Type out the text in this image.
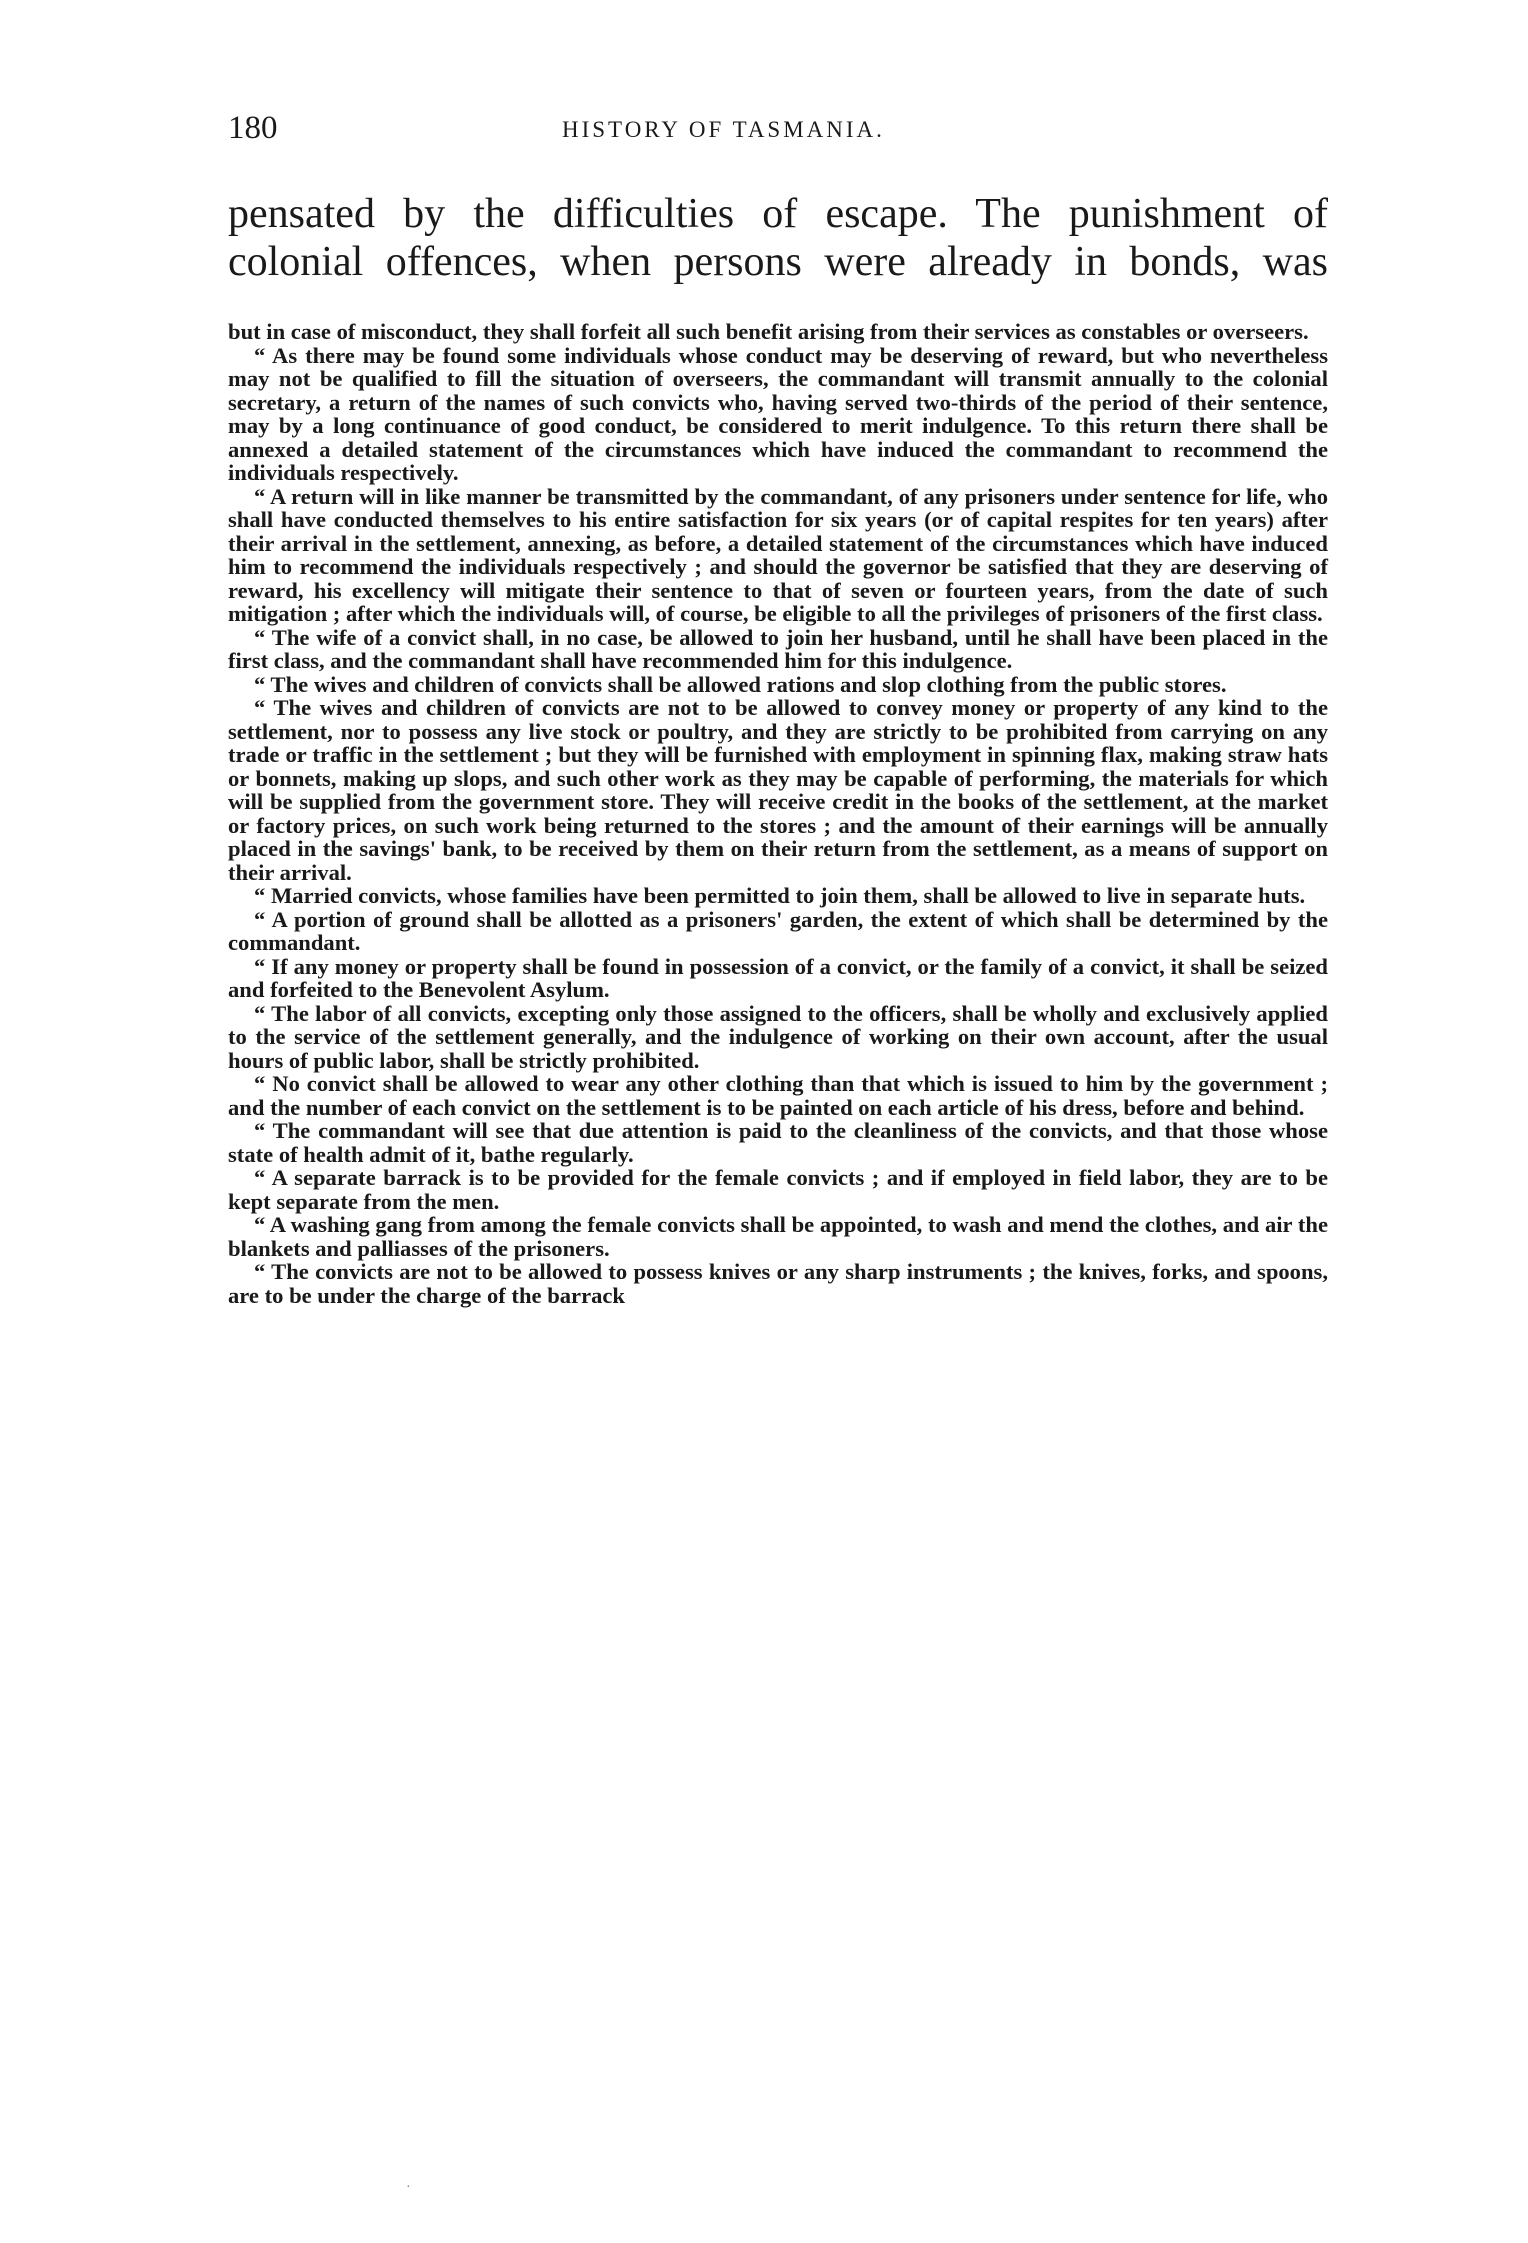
180	HISTORY OF TASMANIA.
pensated by the difficulties of escape. The punishment of
colonial offences, when persons were already in bonds, was

but in case of misconduct, they shall forfeit all such benefit arising from their services as constables or overseers.

“ As there may be found some individuals whose conduct may be deserving of reward, but who nevertheless may not be qualified to fill the situation of overseers, the commandant will transmit annually to the colonial secretary, a return of the names of such convicts who, having served two-thirds of the period of their sentence, may by a long continuance of good conduct, be considered to merit indulgence. To this return there shall be annexed a detailed statement of the circumstances which have induced the commandant to recommend the individuals respectively.

“ A return will in like manner be transmitted by the commandant, of any prisoners under sentence for life, who shall have conducted themselves to his entire satisfaction for six years (or of capital respites for ten years) after their arrival in the settlement, annexing, as before, a detailed statement of the circumstances which have induced him to recommend the individuals respectively ; and should the governor be satisfied that they are deserving of reward, his excellency will mitigate their sentence to that of seven or fourteen years, from the date of such mitigation ; after which the individuals will, of course, be eligible to all the privileges of prisoners of the first class.

“ The wife of a convict shall, in no case, be allowed to join her husband, until he shall have been placed in the first class, and the commandant shall have recommended him for this indulgence.

“ The wives and children of convicts shall be allowed rations and slop clothing from the public stores.

“ The wives and children of convicts are not to be allowed to convey money or property of any kind to the settlement, nor to possess any live stock or poultry, and they are strictly to be prohibited from carrying on any trade or traffic in the settlement ; but they will be furnished with employment in spinning flax, making straw hats or bonnets, making up slops, and such other work as they may be capable of performing, the materials for which will be supplied from the government store. They will receive credit in the books of the settlement, at the market or factory prices, on such work being returned to the stores ; and the amount of their earnings will be annually placed in the savings' bank, to be received by them on their return from the settlement, as a means of support on their arrival.

“ Married convicts, whose families have been permitted to join them, shall be allowed to live in separate huts.

“ A portion of ground shall be allotted as a prisoners' garden, the extent of which shall be determined by the commandant.

“ If any money or property shall be found in possession of a convict, or the family of a convict, it shall be seized and forfeited to the Benevolent Asylum.

“ The labor of all convicts, excepting only those assigned to the officers, shall be wholly and exclusively applied to the service of the settlement generally, and the indulgence of working on their own account, after the usual hours of public labor, shall be strictly prohibited.

“ No convict shall be allowed to wear any other clothing than that which is issued to him by the government ; and the number of each convict on the settlement is to be painted on each article of his dress, before and behind.

“ The commandant will see that due attention is paid to the cleanliness of the convicts, and that those whose state of health admit of it, bathe regularly.

“ A separate barrack is to be provided for the female convicts ; and if employed in field labor, they are to be kept separate from the men.

“ A washing gang from among the female convicts shall be appointed, to wash and mend the clothes, and air the blankets and palliasses of the prisoners.

“ The convicts are not to be allowed to possess knives or any sharp instruments ; the knives, forks, and spoons, are to be under the charge of the barrack

·
